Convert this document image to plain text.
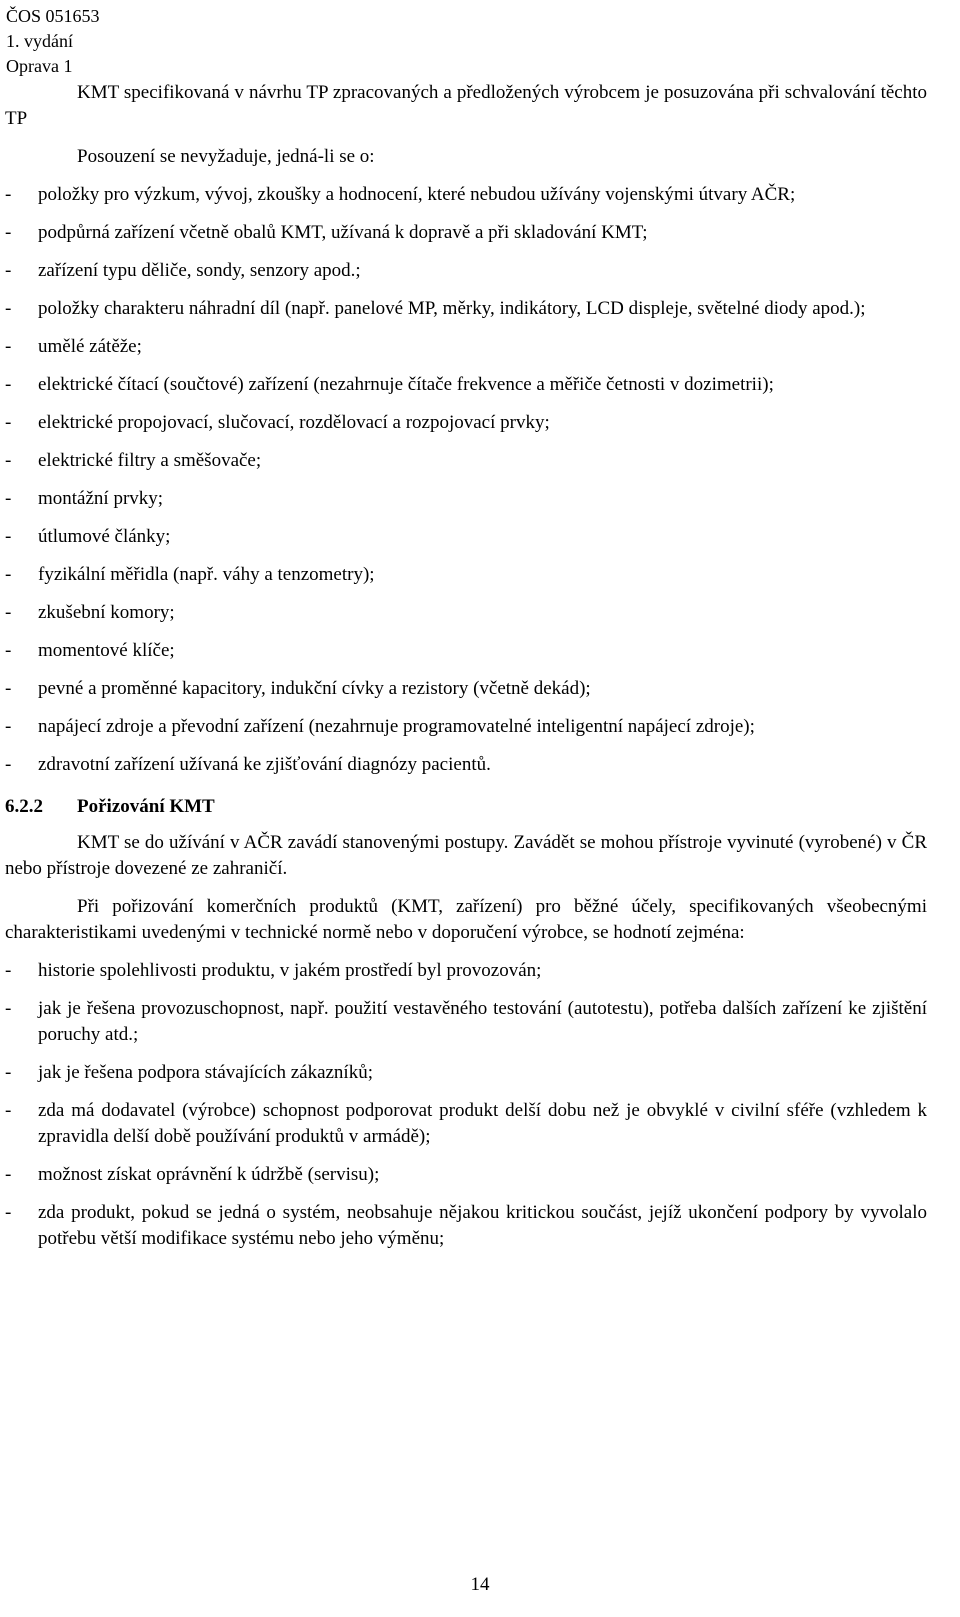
ČOS 051653
1. vydání
Oprava 1

KMT specifikovaná v návrhu TP zpracovaných a předložených výrobcem je posuzována při schvalování těchto TP

Posouzení se nevyžaduje, jedná-li se o:

-	položky pro výzkum, vývoj, zkoušky a hodnocení, které nebudou užívány vojenskými útvary AČR;
-	podpůrná zařízení včetně obalů KMT, užívaná k dopravě a při skladování KMT;
-	zařízení typu děliče, sondy, senzory apod.;
-	položky charakteru náhradní díl (např. panelové MP, měrky, indikátory, LCD displeje, světelné diody apod.);
-	umělé zátěže;
-	elektrické čítací (součtové) zařízení (nezahrnuje čítače frekvence a měřiče četnosti v dozimetrii);
-	elektrické propojovací, slučovací, rozdělovací a rozpojovací prvky;
-	elektrické filtry a směšovače;
-	montážní prvky;
-	útlumové články;
-	fyzikální měřidla (např. váhy a tenzometry);
-	zkušební komory;
-	momentové klíče;
-	pevné a proměnné kapacitory, indukční cívky a rezistory (včetně dekád);
-	napájecí zdroje a převodní zařízení (nezahrnuje programovatelné inteligentní napájecí zdroje);
-	zdravotní zařízení užívaná ke zjišťování diagnózy pacientů.
6.2.2 Pořizování KMT

KMT se do užívání v AČR zavádí stanovenými postupy. Zavádět se mohou přístroje vyvinuté (vyrobené) v ČR nebo přístroje dovezené ze zahraničí.

Při pořizování komerčních produktů (KMT, zařízení) pro běžné účely, specifikovaných všeobecnými charakteristikami uvedenými v technické normě nebo v doporučení výrobce, se hodnotí zejména:

-	historie spolehlivosti produktu, v jakém prostředí byl provozován;
-	jak je řešena provozuschopnost, např. použití vestavěného testování (autotestu), potřeba dalších zařízení ke zjištění poruchy atd.;
-	jak je řešena podpora stávajících zákazníků;
-	zda má dodavatel (výrobce) schopnost podporovat produkt delší dobu než je obvyklé v civilní sféře (vzhledem k zpravidla delší době používání produktů v armádě);
-	možnost získat oprávnění k údržbě (servisu);
-	zda produkt, pokud se jedná o systém, neobsahuje nějakou kritickou součást, jejíž ukončení podpory by vyvolalo potřebu větší modifikace systému nebo jeho výměnu;
14
